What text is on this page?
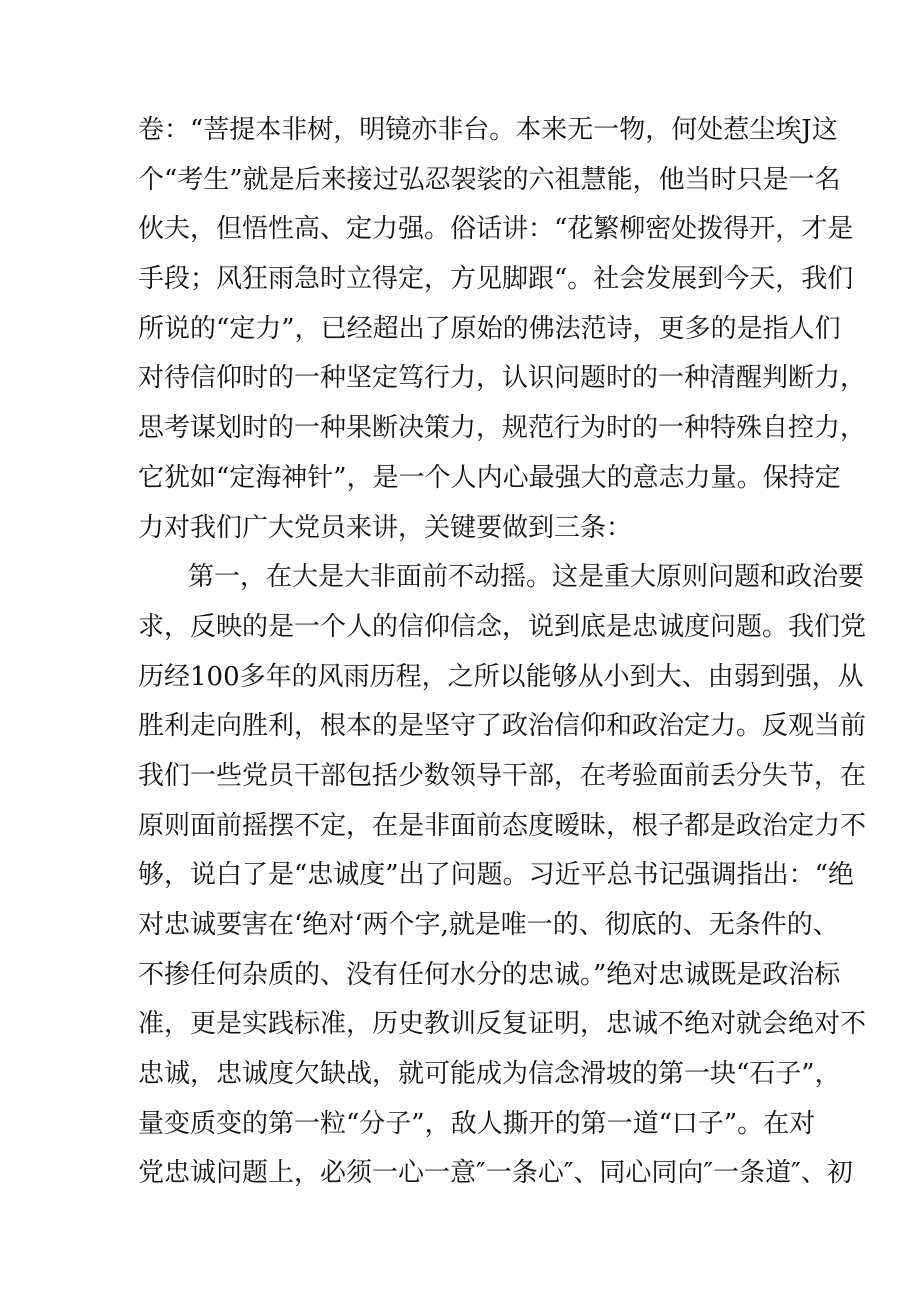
卷：“菩提本非树，明镜亦非台。本来无一物，何处惹尘埃J这
个“考生”就是后来接过弘忍袈裟的六祖慧能，他当时只是一名
伙夫，但悟性高、定力强。俗话讲：“花繁柳密处拨得开，才是
手段；风狂雨急时立得定，方见脚跟“。社会发展到今天，我们
所说的“定力”，已经超出了原始的佛法范诗，更多的是指人们
对待信仰时的一种坚定笃行力，认识问题时的一种清醒判断力，
思考谋划时的一种果断决策力，规范行为时的一种特殊自控力，
它犹如“定海神针”，是一个人内心最强大的意志力量。保持定
力对我们广大党员来讲，关键要做到三条：
第一，在大是大非面前不动摇。这是重大原则问题和政治要
求，反映的是一个人的信仰信念，说到底是忠诚度问题。我们党
历经100多年的风雨历程，之所以能够从小到大、由弱到强，从
胜利走向胜利，根本的是坚守了政治信仰和政治定力。反观当前
我们一些党员干部包括少数领导干部，在考验面前丢分失节，在
原则面前摇摆不定，在是非面前态度暧昧，根子都是政治定力不
够，说白了是“忠诚度”出了问题。习近平总书记强调指出：“绝
对忠诚要害在‘绝对‘两个字,就是唯一的、彻底的、无条件的、
不掺任何杂质的、没有任何水分的忠诚。”绝对忠诚既是政治标
准，更是实践标准，历史教训反复证明，忠诚不绝对就会绝对不
忠诚，忠诚度欠缺战，就可能成为信念滑坡的第一块“石子”，
量变质变的第一粒“分子”，敌人撕开的第一道“口子”。在对
党忠诚问题上，必须一心一意″一条心″、同心同向″一条道″、初
